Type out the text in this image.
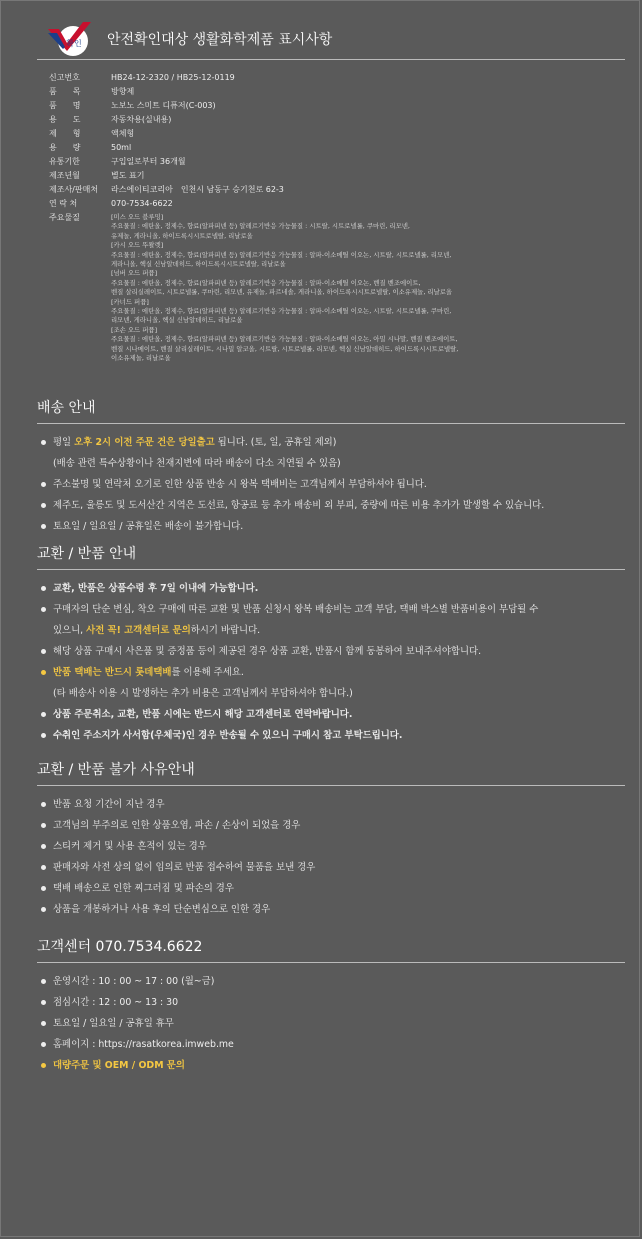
확인 안전확인대상 생활화학제품 표시사항
신고번호	HB24-12-2320 / HB25-12-0119
품　　목	방향제
품　　명	노보노 스미트 디퓨저(C-003)
용　　도	자동차용(실내용)
제　　형	액체형
용　　량	50ml
유통기한	구입일로부터 36개월
제조년월	별도 표기
제조사/판매처	라스에이티코리아　인천시 남동구 승기천로 62-3
연 락 처	070-7534-6622
주요물질	[미스 오드 블루밍]
주요물질 : 에탄올, 정제수, 향료(알파피넨 등) 알레르기반응 가능물질 : 시트랄, 시트로넬롤, 쿠마린, 리모넨,
유제놀, 게라니올, 하이드록시시트로넬랄, 리날로올
[카시 오드 뚜왈렛]
주요물질 : 에탄올, 정제수, 향료(알파피넨 등) 알레르기반응 가능물질 : 알파-이소메틸 이오논, 시트랄, 시트로넬롤, 리모넨,
게라니올, 헥실 신남알데히드, 하이드록시시트로넬랄, 리날로올
[넘버 오드 퍼퓸]
주요물질 : 에탄올, 정제수, 향료(알파피넨 등) 알레르기반응 가능물질 : 알파-이소메틸 이오논, 벤질 벤조에이트,
벤질 살리실레이트, 시트로넬롤, 쿠마린, 리모넨, 유제놀, 파르네솔, 게라니올, 하이드록시시트로넬랄, 이소유제놀, 리날로올
[카너드 퍼퓸]
주요물질 : 에탄올, 정제수, 향료(알파피넨 등) 알레르기반응 가능물질 : 알파-이소메틸 이오논, 시트랄, 시트로넬롤, 쿠마린,
리모넨, 게라니올, 헥실 신남알데히드, 리날로올
[조손 오드 퍼퓸]
주요물질 : 에탄올, 정제수, 향료(알파피넨 등) 알레르기반응 가능물질 : 알파-이소메틸 이오논, 아밀 시나말, 벤질 벤조에이트,
벤질 시나메이트, 벤질 살리실레이트, 시나밀 알코올, 시트랄, 시트로넬롤, 리모넨, 헥실 신남알데히드, 하이드록시시트로넬랄,
이소유제놀, 리날로올
배송 안내
평일 오후 2시 이전 주문 건은 당일출고 됩니다. (토, 일, 공휴일 제외)
(배송 관련 특수상황이나 천재지변에 따라 배송이 다소 지연될 수 있음)
주소불명 및 연락처 오기로 인한 상품 반송 시 왕복 택배비는 고객님께서 부담하셔야 됩니다.
제주도, 울릉도 및 도서산간 지역은 도선료, 항공료 등 추가 배송비 외 부피, 중량에 따른 비용 추가가 발생할 수 있습니다.
토요일 / 일요일 / 공휴일은 배송이 불가합니다.
교환 / 반품 안내
교환, 반품은 상품수령 후 7일 이내에 가능합니다.
구매자의 단순 변심, 착오 구매에 따른 교환 및 반품 신청시 왕복 배송비는 고객 부담, 택배 박스별 반품비용이 부담될 수
있으니, 사전 꼭! 고객센터로 문의하시기 바랍니다.
해당 상품 구매시 사은품 및 증정품 등이 제공된 경우 상품 교환, 반품시 함께 동봉하여 보내주셔야합니다.
반품 택배는 반드시 롯데택배를 이용해 주세요.
(타 배송사 이용 시 발생하는 추가 비용은 고객님께서 부담하셔야 합니다.)
상품 주문취소, 교환, 반품 시에는 반드시 해당 고객센터로 연락바랍니다.
수취인 주소지가 사서함(우체국)인 경우 반송될 수 있으니 구매시 참고 부탁드립니다.
교환 / 반품 불가 사유안내
반품 요청 기간이 지난 경우
고객님의 부주의로 인한 상품오염, 파손 / 손상이 되었을 경우
스티커 제거 및 사용 흔적이 있는 경우
판매자와 사전 상의 없이 임의로 반품 접수하여 물품을 보낸 경우
택배 배송으로 인한 찌그러짐 및 파손의 경우
상품을 개봉하거나 사용 후의 단순변심으로 인한 경우
고객센터 070.7534.6622
운영시간 : 10 : 00 ~ 17 : 00 (월~금)
점심시간 : 12 : 00 ~ 13 : 30
토요일 / 일요일 / 공휴일 휴무
홈페이지 : https://rasatkorea.imweb.me
대량주문 및 OEM / ODM 문의
